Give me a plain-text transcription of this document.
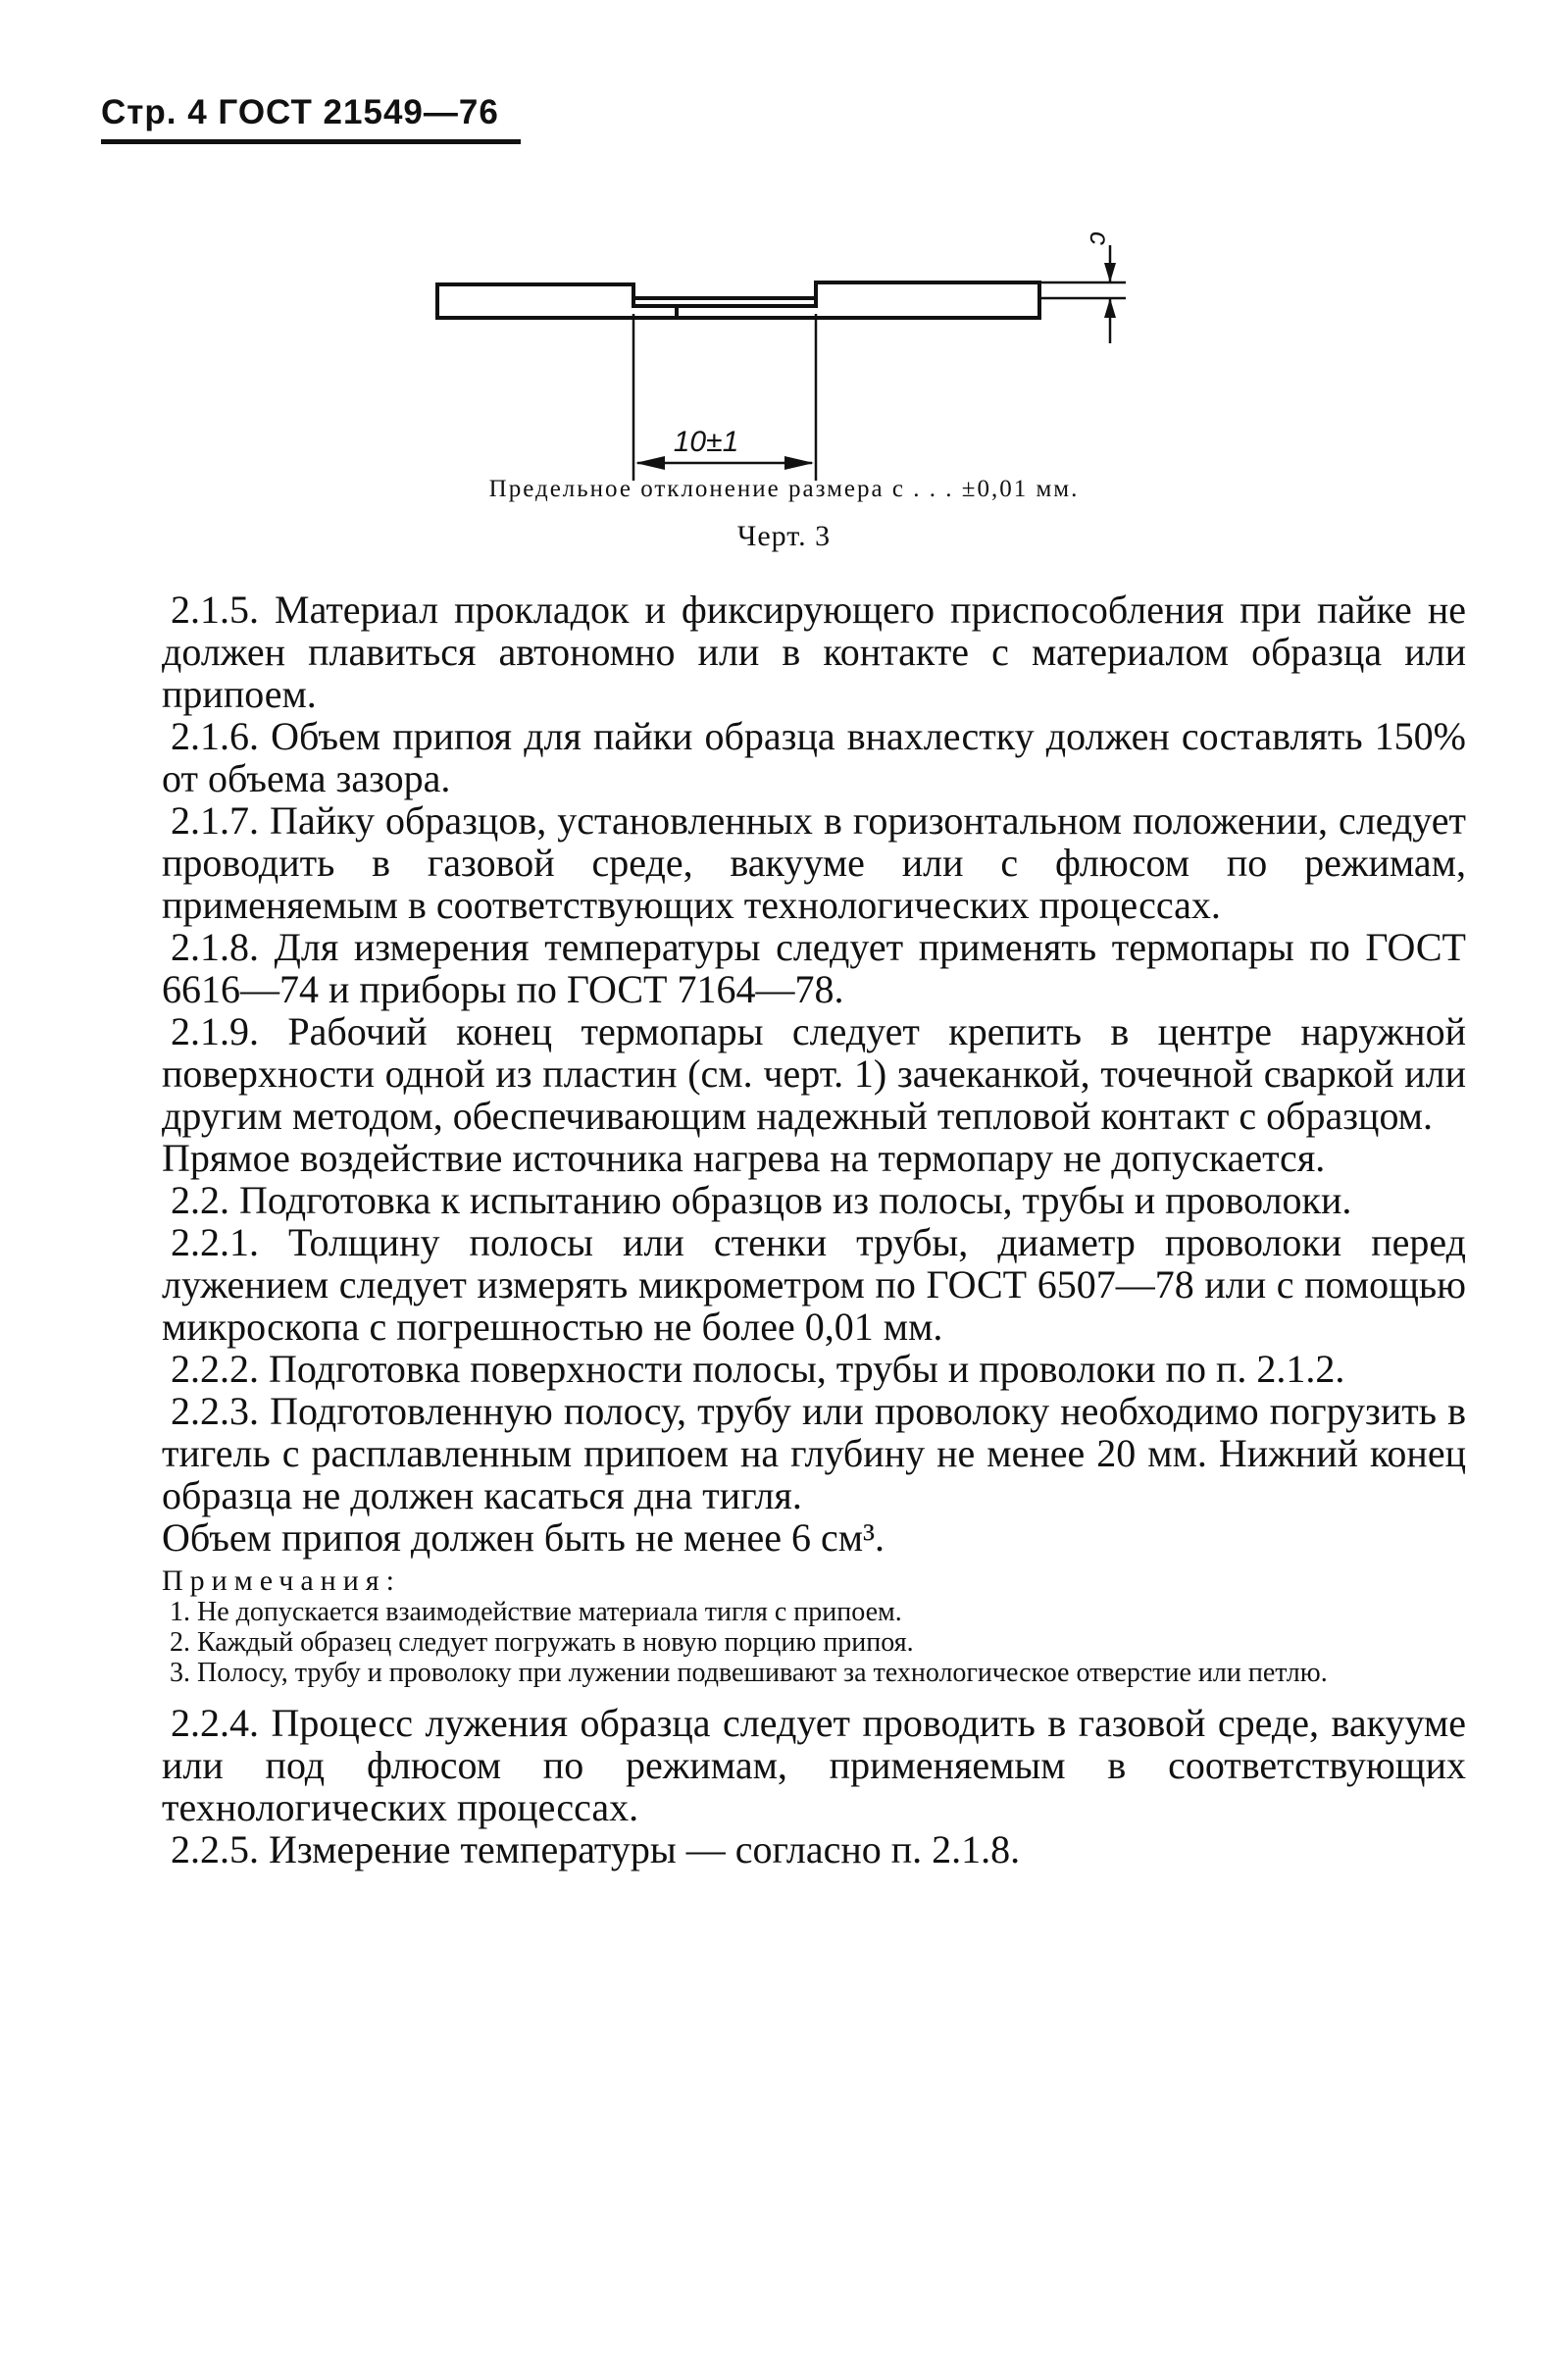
Стр. 4 ГОСТ 21549—76
10±1
c
Предельное отклонение размера c . . . ±0,01 мм.
Черт. 3

2.1.5. Материал прокладок и фиксирующего приспособления при пайке не должен плавиться автономно или в контакте с материалом образца или припоем.

2.1.6. Объем припоя для пайки образца внахлестку должен составлять 150% от объема зазора.

2.1.7. Пайку образцов, установленных в горизонтальном положении, следует проводить в газовой среде, вакууме или с флюсом по режимам, применяемым в соответствующих технологических процессах.

2.1.8. Для измерения температуры следует применять термопары по ГОСТ 6616—74 и приборы по ГОСТ 7164—78.

2.1.9. Рабочий конец термопары следует крепить в центре наружной поверхности одной из пластин (см. черт. 1) зачеканкой, точечной сваркой или другим методом, обеспечивающим надежный тепловой контакт с образцом.

Прямое воздействие источника нагрева на термопару не допускается.

2.2. Подготовка к испытанию образцов из полосы, трубы и проволоки.

2.2.1. Толщину полосы или стенки трубы, диаметр проволоки перед лужением следует измерять микрометром по ГОСТ 6507—78 или с помощью микроскопа с погрешностью не более 0,01 мм.

2.2.2. Подготовка поверхности полосы, трубы и проволоки по п. 2.1.2.

2.2.3. Подготовленную полосу, трубу или проволоку необходимо погрузить в тигель с расплавленным припоем на глубину не менее 20 мм. Нижний конец образца не должен касаться дна тигля.

Объем припоя должен быть не менее 6 см³.

Примечания:
1. Не допускается взаимодействие материала тигля с припоем.
2. Каждый образец следует погружать в новую порцию припоя.
3. Полосу, трубу и проволоку при лужении подвешивают за технологическое отверстие или петлю.

2.2.4. Процесс лужения образца следует проводить в газовой среде, вакууме или под флюсом по режимам, применяемым в соответствующих технологических процессах.

2.2.5. Измерение температуры — согласно п. 2.1.8.
